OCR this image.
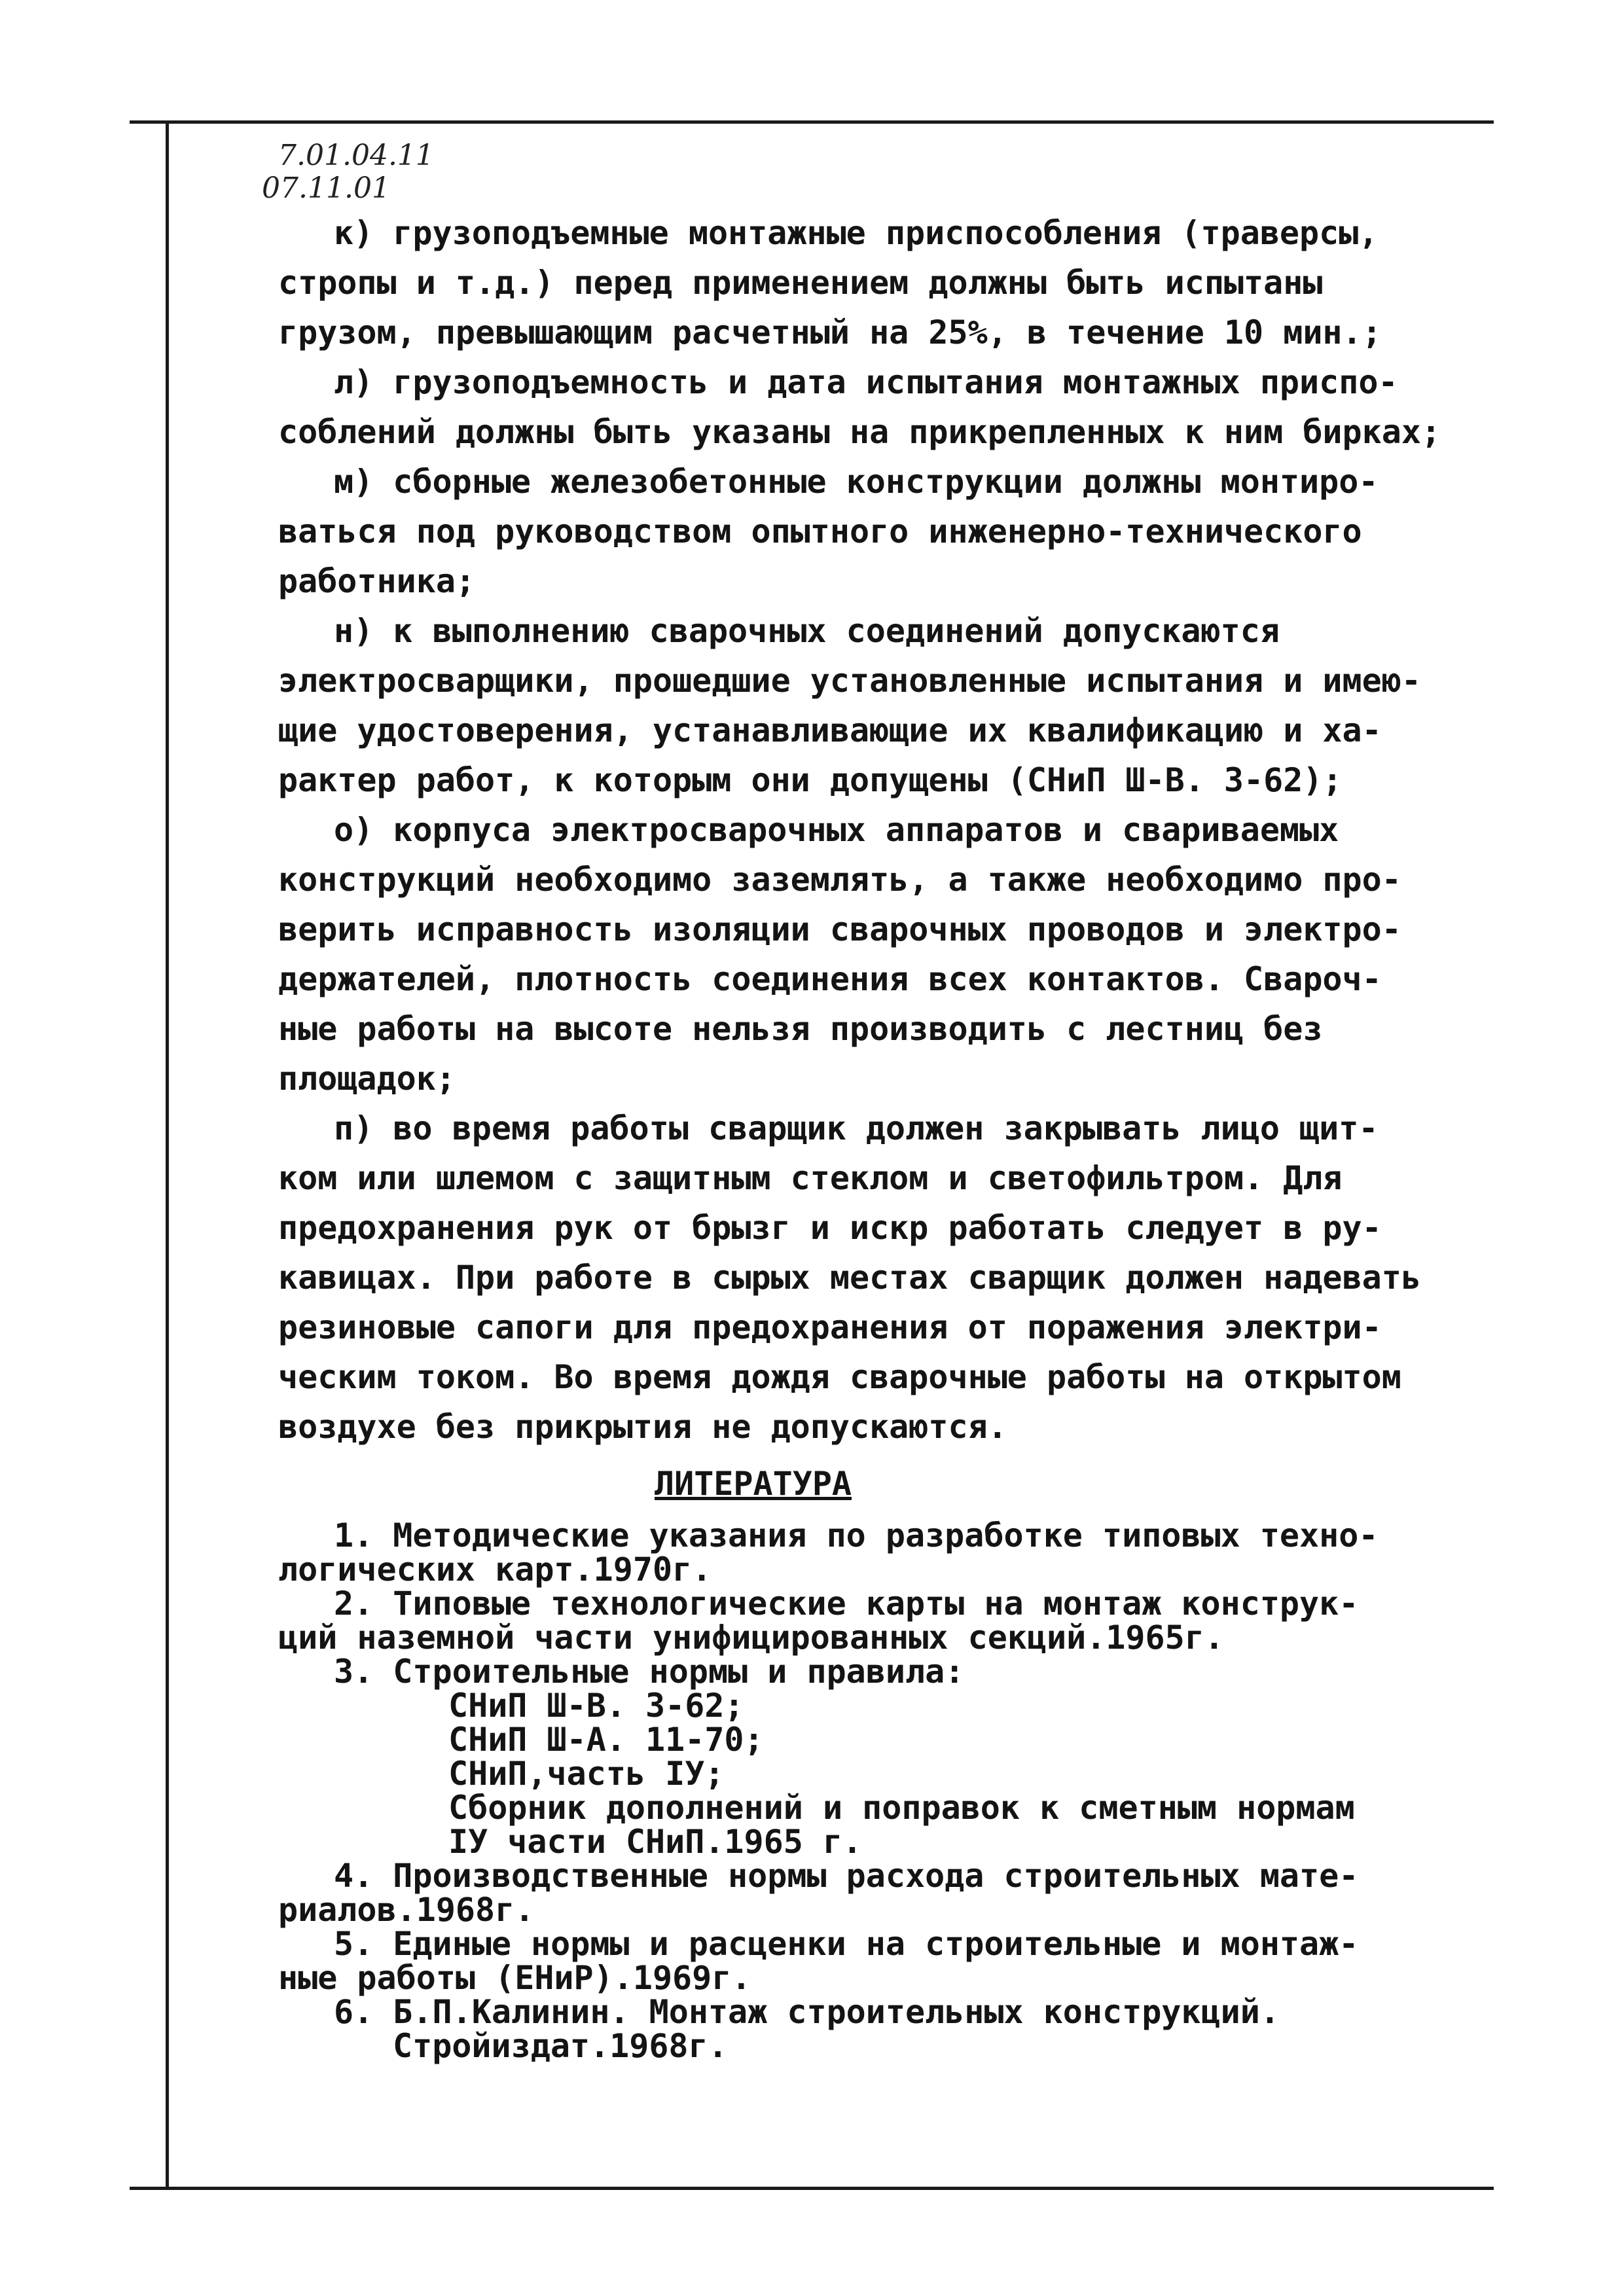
7.01.04.11
07.11.01
к) грузоподъемные монтажные приспособления (траверсы,
стропы и т.д.) перед применением должны быть испытаны
грузом, превышающим расчетный на 25%, в течение 10 мин.;
л) грузоподъемность и дата испытания монтажных приспо-
соблений должны быть указаны на прикрепленных к ним бирках;
м) сборные железобетонные конструкции должны монтиро-
ваться под руководством опытного инженерно-технического
работника;
н) к выполнению сварочных соединений допускаются
электросварщики, прошедшие установленные испытания и имею-
щие удостоверения, устанавливающие их квалификацию и ха-
рактер работ, к которым они допущены (СНиП Ш-В. 3-62);
о) корпуса электросварочных аппаратов и свариваемых
конструкций необходимо заземлять, а также необходимо про-
верить исправность изоляции сварочных проводов и электро-
держателей, плотность соединения всех контактов. Свароч-
ные работы на высоте нельзя производить с лестниц без
площадок;
п) во время работы сварщик должен закрывать лицо щит-
ком или шлемом с защитным стеклом и светофильтром. Для
предохранения рук от брызг и искр работать следует в ру-
кавицах. При работе в сырых местах сварщик должен надевать
резиновые сапоги для предохранения от поражения электри-
ческим током. Во время дождя сварочные работы на открытом
воздухе без прикрытия не допускаются.
ЛИТЕРАТУРА
1. Методические указания по разработке типовых техно-
логических карт.1970г.
2. Типовые технологические карты на монтаж конструк-
ций наземной части унифицированных секций.1965г.
3. Строительные нормы и правила:
СНиП Ш-В. 3-62;
СНиП Ш-А. 11-70;
СНиП,часть IУ;
Сборник дополнений и поправок к сметным нормам
IУ части СНиП.1965 г.
4. Производственные нормы расхода строительных мате-
риалов.1968г.
5. Единые нормы и расценки на строительные и монтаж-
ные работы (ЕНиР).1969г.
6. Б.П.Калинин. Монтаж строительных конструкций.
Стройиздат.1968г.
